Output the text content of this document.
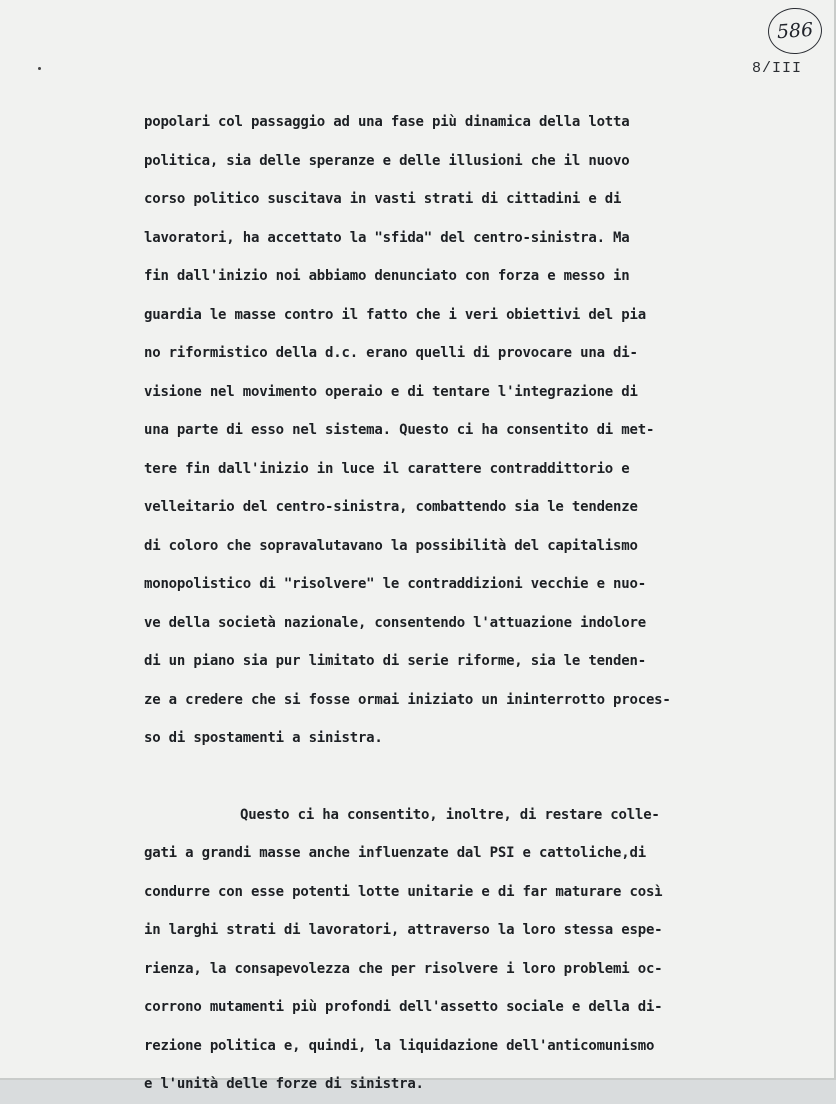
586
8/III
popolari col passaggio ad una fase più dinamica della lotta
politica, sia delle speranze e delle illusioni che il nuovo
corso politico suscitava in vasti strati di cittadini e di
lavoratori, ha accettato la "sfida" del centro-sinistra. Ma
fin dall'inizio noi abbiamo denunciato con forza e messo in
guardia le masse contro il fatto che i veri obiettivi del pia
no riformistico della d.c. erano quelli di provocare una di-
visione nel movimento operaio e di tentare l'integrazione di
una parte di esso nel sistema. Questo ci ha consentito di met-
tere fin dall'inizio in luce il carattere contraddittorio e
velleitario del centro-sinistra, combattendo sia le tendenze
di coloro che sopravalutavano la possibilità del capitalismo
monopolistico di "risolvere" le contraddizioni vecchie e nuo-
ve della società nazionale, consentendo l'attuazione indolore
di un piano sia pur limitato di serie riforme, sia le tenden-
ze a credere che si fosse ormai iniziato un ininterrotto proces-
so di spostamenti a sinistra.
Questo ci ha consentito, inoltre, di restare colle-
gati a grandi masse anche influenzate dal PSI e cattoliche,di
condurre con esse potenti lotte unitarie e di far maturare così
in larghi strati di lavoratori, attraverso la loro stessa espe-
rienza, la consapevolezza che per risolvere i loro problemi oc-
corrono mutamenti più profondi dell'assetto sociale e della di-
rezione politica e, quindi, la liquidazione dell'anticomunismo
e l'unità delle forze di sinistra.
